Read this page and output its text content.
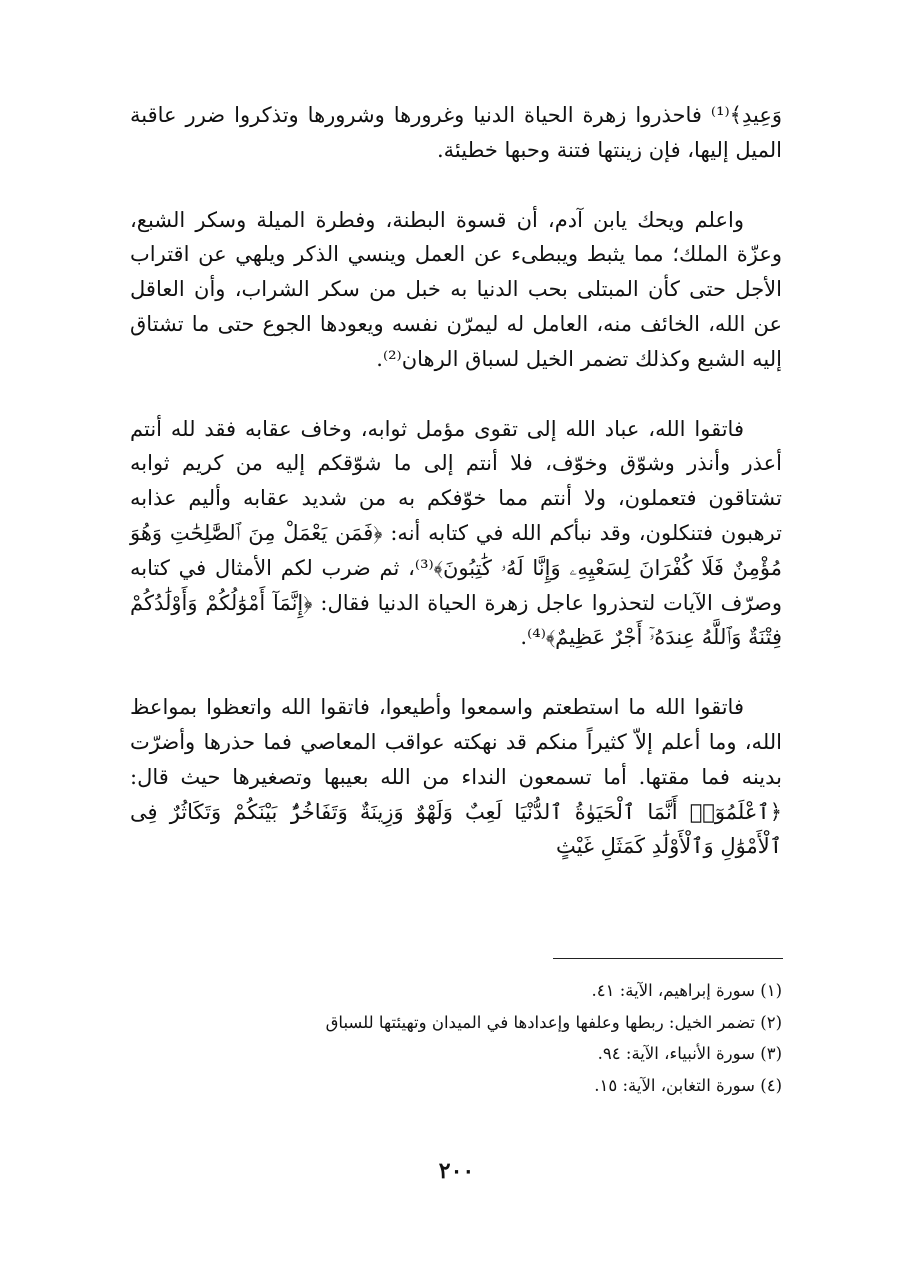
وَعِيدِ﴾⁽¹⁾ فاحذروا زهرة الحياة الدنيا وغرورها وشرورها وتذكروا ضرر عاقبة الميل إليها، فإن زينتها فتنة وحبها خطيئة.

واعلم ويحك يابن آدم، أن قسوة البطنة، وفطرة الميلة وسكر الشبع، وعزّة الملك؛ مما يثبط ويبطىء عن العمل وينسي الذكر ويلهي عن اقتراب الأجل حتى كأن المبتلى بحب الدنيا به خبل من سكر الشراب، وأن العاقل عن الله، الخائف منه، العامل له ليمرّن نفسه ويعودها الجوع حتى ما تشتاق إليه الشبع وكذلك تضمر الخيل لسباق الرهان⁽²⁾.

فاتقوا الله، عباد الله إلى تقوى مؤمل ثوابه، وخاف عقابه فقد لله أنتم أعذر وأنذر وشوّق وخوّف، فلا أنتم إلى ما شوّقكم إليه من كريم ثوابه تشتاقون فتعملون، ولا أنتم مما خوّفكم به من شديد عقابه وأليم عذابه ترهبون فتنكلون، وقد نبأكم الله في كتابه أنه: ﴿فَمَن يَعْمَلْ مِنَ ٱلصَّٰلِحَٰتِ وَهُوَ مُؤْمِنٌ فَلَا كُفْرَانَ لِسَعْيِهِۦ وَإِنَّا لَهُۥ كَٰتِبُونَ﴾⁽³⁾، ثم ضرب لكم الأمثال في كتابه وصرّف الآيات لتحذروا عاجل زهرة الحياة الدنيا فقال: ﴿إِنَّمَآ أَمْوَٰلُكُمْ وَأَوْلَٰدُكُمْ فِتْنَةٌ وَٱللَّهُ عِندَهُۥٓ أَجْرٌ عَظِيمٌ﴾⁽⁴⁾.

فاتقوا الله ما استطعتم واسمعوا وأطيعوا، فاتقوا الله واتعظوا بمواعظ الله، وما أعلم إلاّ كثيراً منكم قد نهكته عواقب المعاصي فما حذرها وأضرّت بدينه فما مقتها. أما تسمعون النداء من الله بعيبها وتصغيرها حيث قال: ﴿ٱعْلَمُوٓا۟ أَنَّمَا ٱلْحَيَوٰةُ ٱلدُّنْيَا لَعِبٌ وَلَهْوٌ وَزِينَةٌ وَتَفَاخُرٌۢ بَيْنَكُمْ وَتَكَاثُرٌ فِى ٱلْأَمْوَٰلِ وَٱلْأَوْلَٰدِ كَمَثَلِ غَيْثٍ

(١) سورة إبراهيم، الآية: ٤١.

(٢) تضمر الخيل: ربطها وعلفها وإعدادها في الميدان وتهيئتها للسباق

(٣) سورة الأنبياء، الآية: ٩٤.

(٤) سورة التغابن، الآية: ١٥.

٢٠٠
